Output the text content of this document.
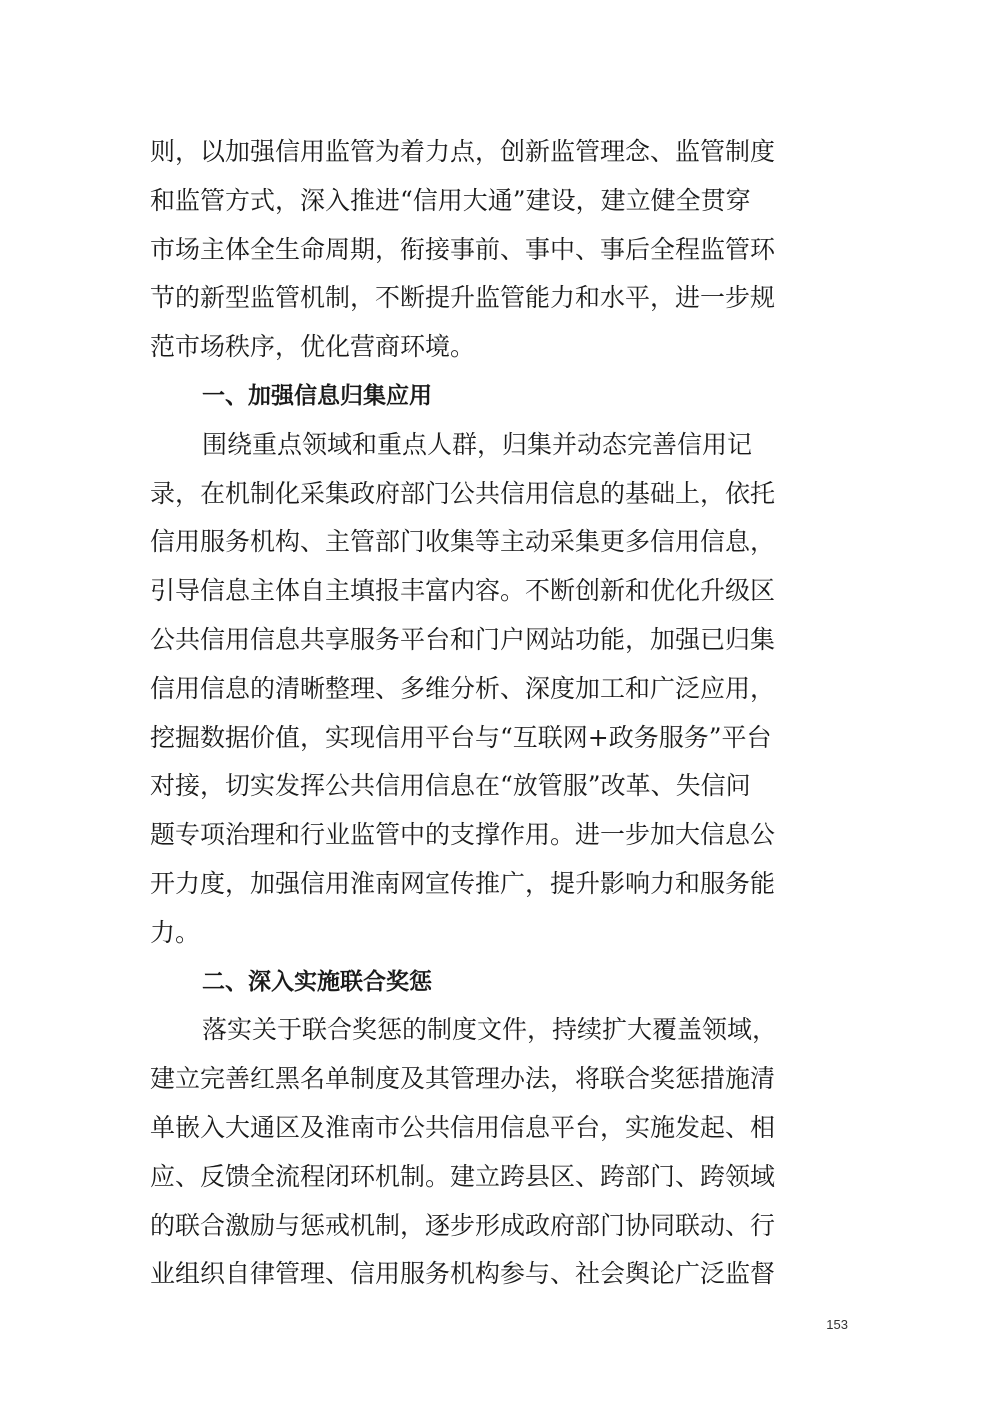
则，以加强信用监管为着力点，创新监管理念、监管制度
和监管方式，深入推进“信用大通”建设，建立健全贯穿
市场主体全生命周期，衔接事前、事中、事后全程监管环
节的新型监管机制，不断提升监管能力和水平，进一步规
范市场秩序，优化营商环境。
一、加强信息归集应用
围绕重点领域和重点人群，归集并动态完善信用记
录，在机制化采集政府部门公共信用信息的基础上，依托
信用服务机构、主管部门收集等主动采集更多信用信息，
引导信息主体自主填报丰富内容。不断创新和优化升级区
公共信用信息共享服务平台和门户网站功能，加强已归集
信用信息的清晰整理、多维分析、深度加工和广泛应用，
挖掘数据价值，实现信用平台与“互联网+政务服务”平台
对接，切实发挥公共信用信息在“放管服”改革、失信问
题专项治理和行业监管中的支撑作用。进一步加大信息公
开力度，加强信用淮南网宣传推广，提升影响力和服务能
力。
二、深入实施联合奖惩
落实关于联合奖惩的制度文件，持续扩大覆盖领域，
建立完善红黑名单制度及其管理办法，将联合奖惩措施清
单嵌入大通区及淮南市公共信用信息平台，实施发起、相
应、反馈全流程闭环机制。建立跨县区、跨部门、跨领域
的联合激励与惩戒机制，逐步形成政府部门协同联动、行
业组织自律管理、信用服务机构参与、社会舆论广泛监督
153
